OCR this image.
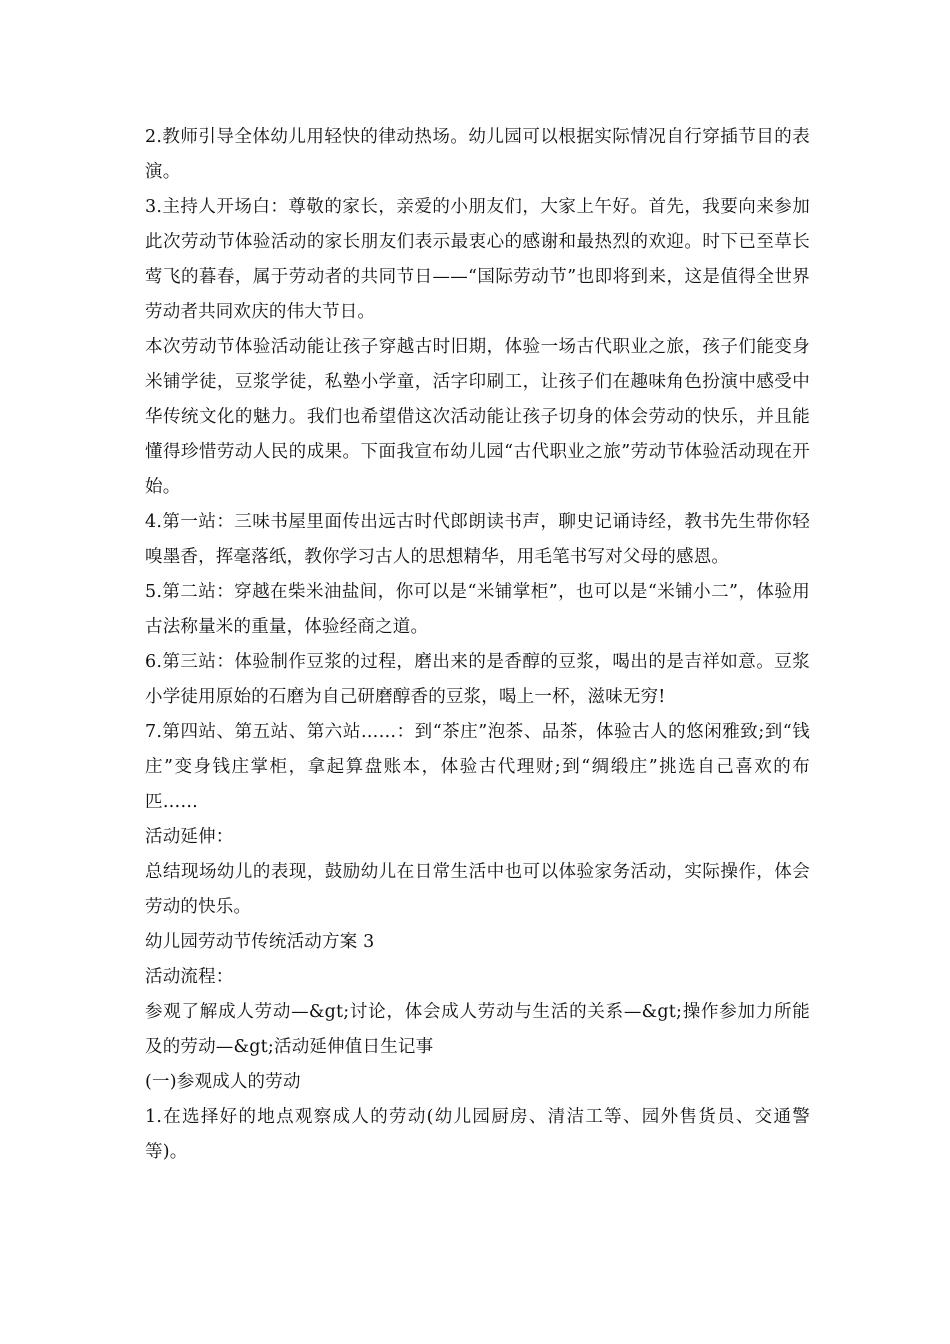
2.教师引导全体幼儿用轻快的律动热场。幼儿园可以根据实际情况自行穿插节目的表演。

3.主持人开场白：尊敬的家长，亲爱的小朋友们，大家上午好。首先，我要向来参加此次劳动节体验活动的家长朋友们表示最衷心的感谢和最热烈的欢迎。时下已至草长莺飞的暮春，属于劳动者的共同节日——“国际劳动节”也即将到来，这是值得全世界劳动者共同欢庆的伟大节日。

本次劳动节体验活动能让孩子穿越古时旧期，体验一场古代职业之旅，孩子们能变身米铺学徒，豆浆学徒，私塾小学童，活字印刷工，让孩子们在趣味角色扮演中感受中华传统文化的魅力。我们也希望借这次活动能让孩子切身的体会劳动的快乐，并且能懂得珍惜劳动人民的成果。下面我宣布幼儿园“古代职业之旅”劳动节体验活动现在开始。

4.第一站：三味书屋里面传出远古时代郎朗读书声，聊史记诵诗经，教书先生带你轻嗅墨香，挥毫落纸，教你学习古人的思想精华，用毛笔书写对父母的感恩。

5.第二站：穿越在柴米油盐间，你可以是“米铺掌柜”，也可以是“米铺小二”，体验用古法称量米的重量，体验经商之道。

6.第三站：体验制作豆浆的过程，磨出来的是香醇的豆浆，喝出的是吉祥如意。豆浆小学徒用原始的石磨为自己研磨醇香的豆浆，喝上一杯，滋味无穷!

7.第四站、第五站、第六站……：到“茶庄”泡茶、品茶，体验古人的悠闲雅致;到“钱庄”变身钱庄掌柜，拿起算盘账本，体验古代理财;到“绸缎庄”挑选自己喜欢的布匹……

活动延伸：

总结现场幼儿的表现，鼓励幼儿在日常生活中也可以体验家务活动，实际操作，体会劳动的快乐。

幼儿园劳动节传统活动方案 3

活动流程：

参观了解成人劳动—&gt;讨论，体会成人劳动与生活的关系—&gt;操作参加力所能及的劳动—&gt;活动延伸值日生记事

(一)参观成人的劳动

1.在选择好的地点观察成人的劳动(幼儿园厨房、清洁工等、园外售货员、交通警等)。
